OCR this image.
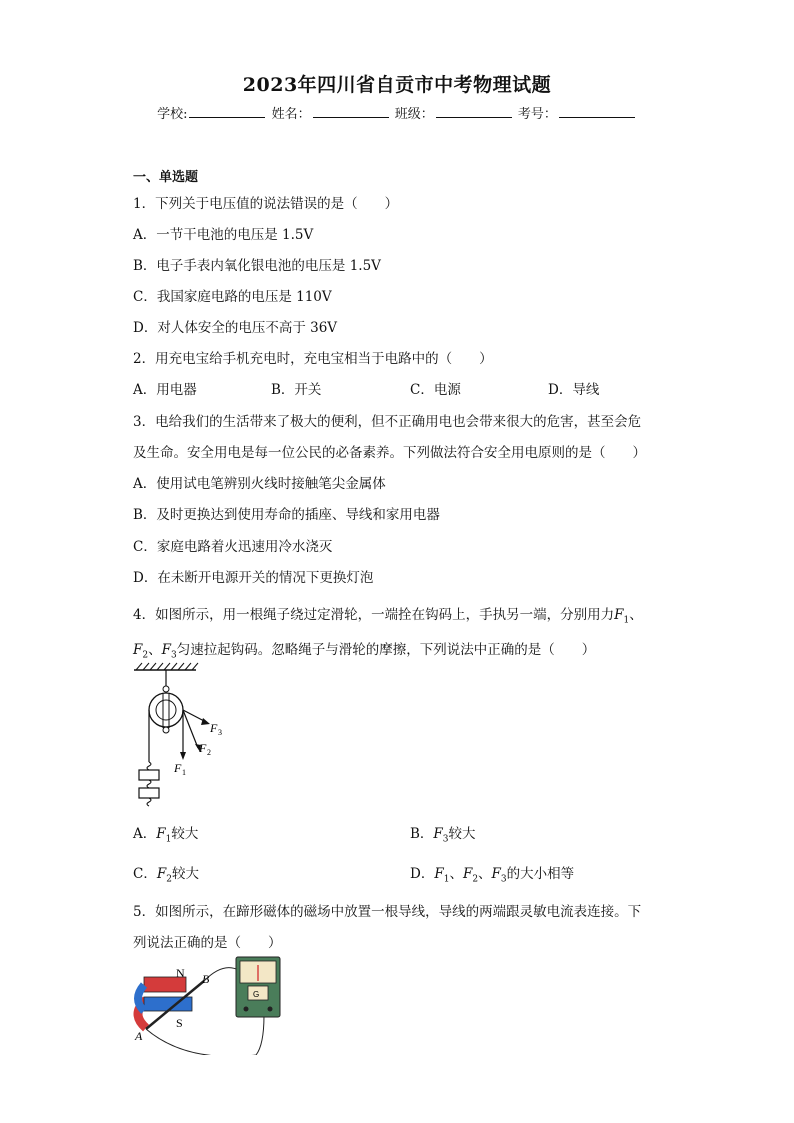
2023年四川省自贡市中考物理试题
学校:	姓名：	班级：	考号：
一、单选题
1．下列关于电压值的说法错误的是（　　）
A．一节干电池的电压是 1.5V
B．电子手表内氧化银电池的电压是 1.5V
C．我国家庭电路的电压是 110V
D．对人体安全的电压不高于 36V
2．用充电宝给手机充电时，充电宝相当于电路中的（　　）
A．用电器	B．开关	C．电源	D．导线
3．电给我们的生活带来了极大的便利，但不正确用电也会带来很大的危害，甚至会危
及生命。安全用电是每一位公民的必备素养。下列做法符合安全用电原则的是（　　）
A．使用试电笔辨别火线时接触笔尖金属体
B．及时更换达到使用寿命的插座、导线和家用电器
C．家庭电路着火迅速用冷水浇灭
D．在未断开电源开关的情况下更换灯泡
4．如图所示，用一根绳子绕过定滑轮，一端拴在钩码上，手执另一端，分别用力$F_1$、
$F_2$、$F_3$匀速拉起钩码。忽略绳子与滑轮的摩擦，下列说法中正确的是（　　）
F 3
F 2
F 1
A．$F_1$较大	B．$F_3$较大
C．$F_2$较大	D．$F_1$、$F_2$、$F_3$的大小相等
5．如图所示，在蹄形磁体的磁场中放置一根导线，导线的两端跟灵敏电流表连接。下
列说法正确的是（　　）
N
S
A
B
G
